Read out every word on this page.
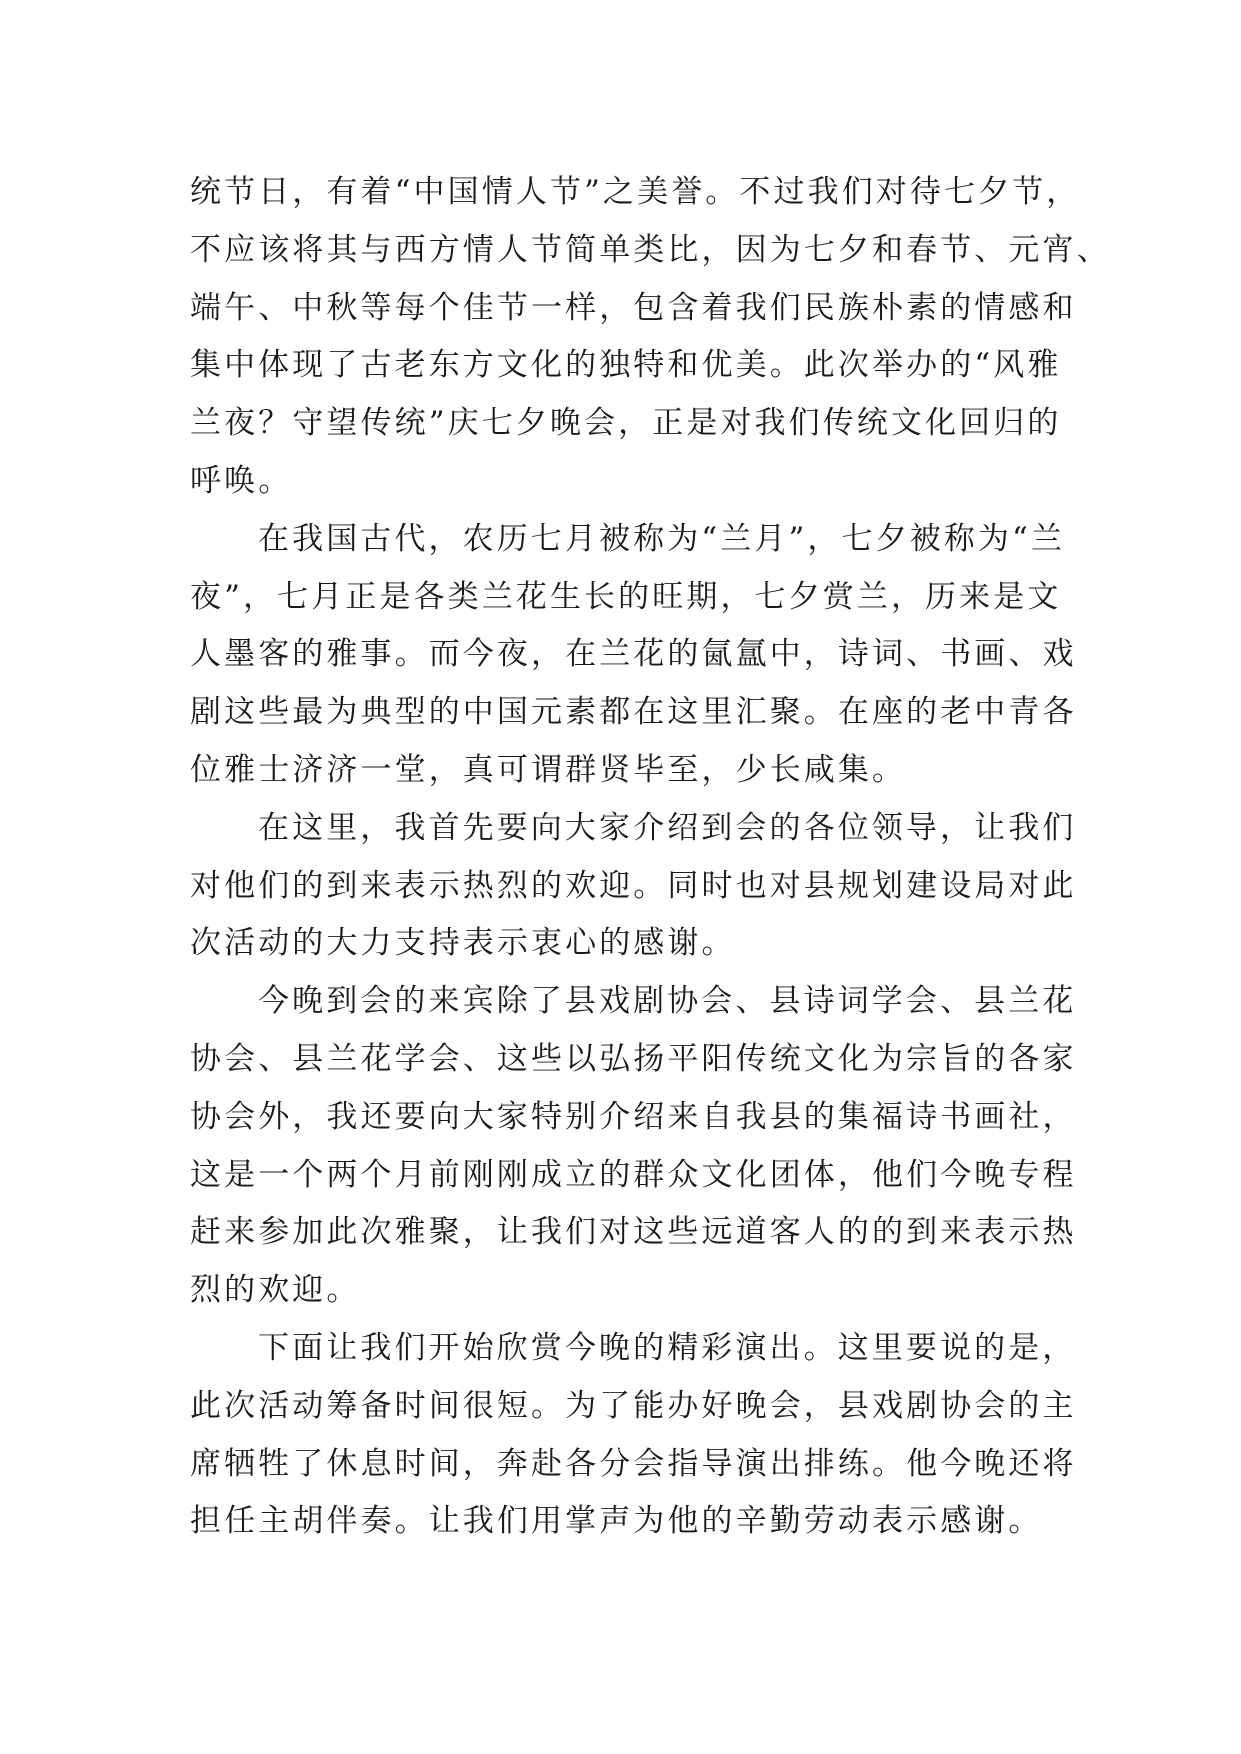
统节日，有着“中国情人节”之美誉。不过我们对待七夕节，
不应该将其与西方情人节简单类比，因为七夕和春节、元宵、
端午、中秋等每个佳节一样，包含着我们民族朴素的情感和
集中体现了古老东方文化的独特和优美。此次举办的“风雅
兰夜？守望传统”庆七夕晚会，正是对我们传统文化回归的
呼唤。

在我国古代，农历七月被称为“兰月”，七夕被称为“兰
夜”，七月正是各类兰花生长的旺期，七夕赏兰，历来是文
人墨客的雅事。而今夜，在兰花的氤氲中，诗词、书画、戏
剧这些最为典型的中国元素都在这里汇聚。在座的老中青各
位雅士济济一堂，真可谓群贤毕至，少长咸集。

在这里，我首先要向大家介绍到会的各位领导，让我们
对他们的到来表示热烈的欢迎。同时也对县规划建设局对此
次活动的大力支持表示衷心的感谢。

今晚到会的来宾除了县戏剧协会、县诗词学会、县兰花
协会、县兰花学会、这些以弘扬平阳传统文化为宗旨的各家
协会外，我还要向大家特别介绍来自我县的集福诗书画社，
这是一个两个月前刚刚成立的群众文化团体，他们今晚专程
赶来参加此次雅聚，让我们对这些远道客人的的到来表示热
烈的欢迎。

下面让我们开始欣赏今晚的精彩演出。这里要说的是，
此次活动筹备时间很短。为了能办好晚会，县戏剧协会的主
席牺牲了休息时间，奔赴各分会指导演出排练。他今晚还将
担任主胡伴奏。让我们用掌声为他的辛勤劳动表示感谢。
